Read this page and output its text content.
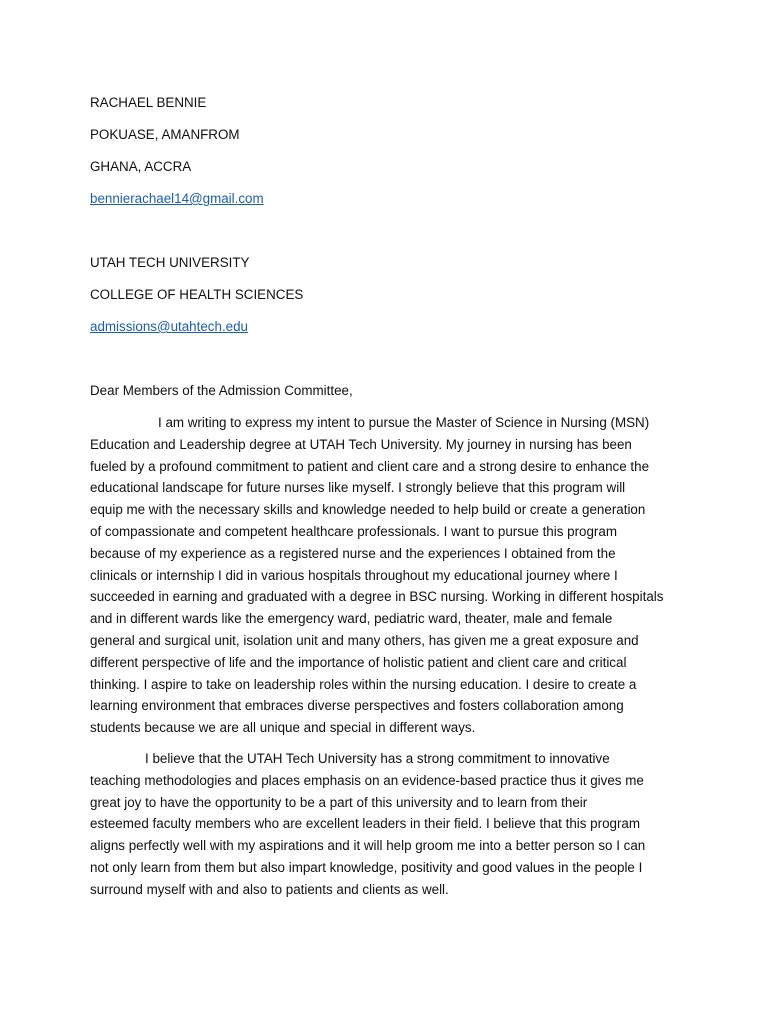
RACHAEL BENNIE
POKUASE, AMANFROM
GHANA, ACCRA
bennierachael14@gmail.com
UTAH TECH UNIVERSITY
COLLEGE OF HEALTH SCIENCES
admissions@utahtech.edu
Dear Members of the Admission Committee,
I am writing to express my intent to pursue the Master of Science in Nursing (MSN)
Education and Leadership degree at UTAH Tech University. My journey in nursing has been
fueled by a profound commitment to patient and client care and a strong desire to enhance the
educational landscape for future nurses like myself. I strongly believe that this program will
equip me with the necessary skills and knowledge needed to help build or create a generation
of compassionate and competent healthcare professionals. I want to pursue this program
because of my experience as a registered nurse and the experiences I obtained from the
clinicals or internship I did in various hospitals throughout my educational journey where I
succeeded in earning and graduated with a degree in BSC nursing. Working in different hospitals
and in different wards like the emergency ward, pediatric ward, theater, male and female
general and surgical unit, isolation unit and many others, has given me a great exposure and
different perspective of life and the importance of holistic patient and client care and critical
thinking. I aspire to take on leadership roles within the nursing education. I desire to create a
learning environment that embraces diverse perspectives and fosters collaboration among
students because we are all unique and special in different ways.
I believe that the UTAH Tech University has a strong commitment to innovative
teaching methodologies and places emphasis on an evidence-based practice thus it gives me
great joy to have the opportunity to be a part of this university and to learn from their
esteemed faculty members who are excellent leaders in their field. I believe that this program
aligns perfectly well with my aspirations and it will help groom me into a better person so I can
not only learn from them but also impart knowledge, positivity and good values in the people I
surround myself with and also to patients and clients as well.
